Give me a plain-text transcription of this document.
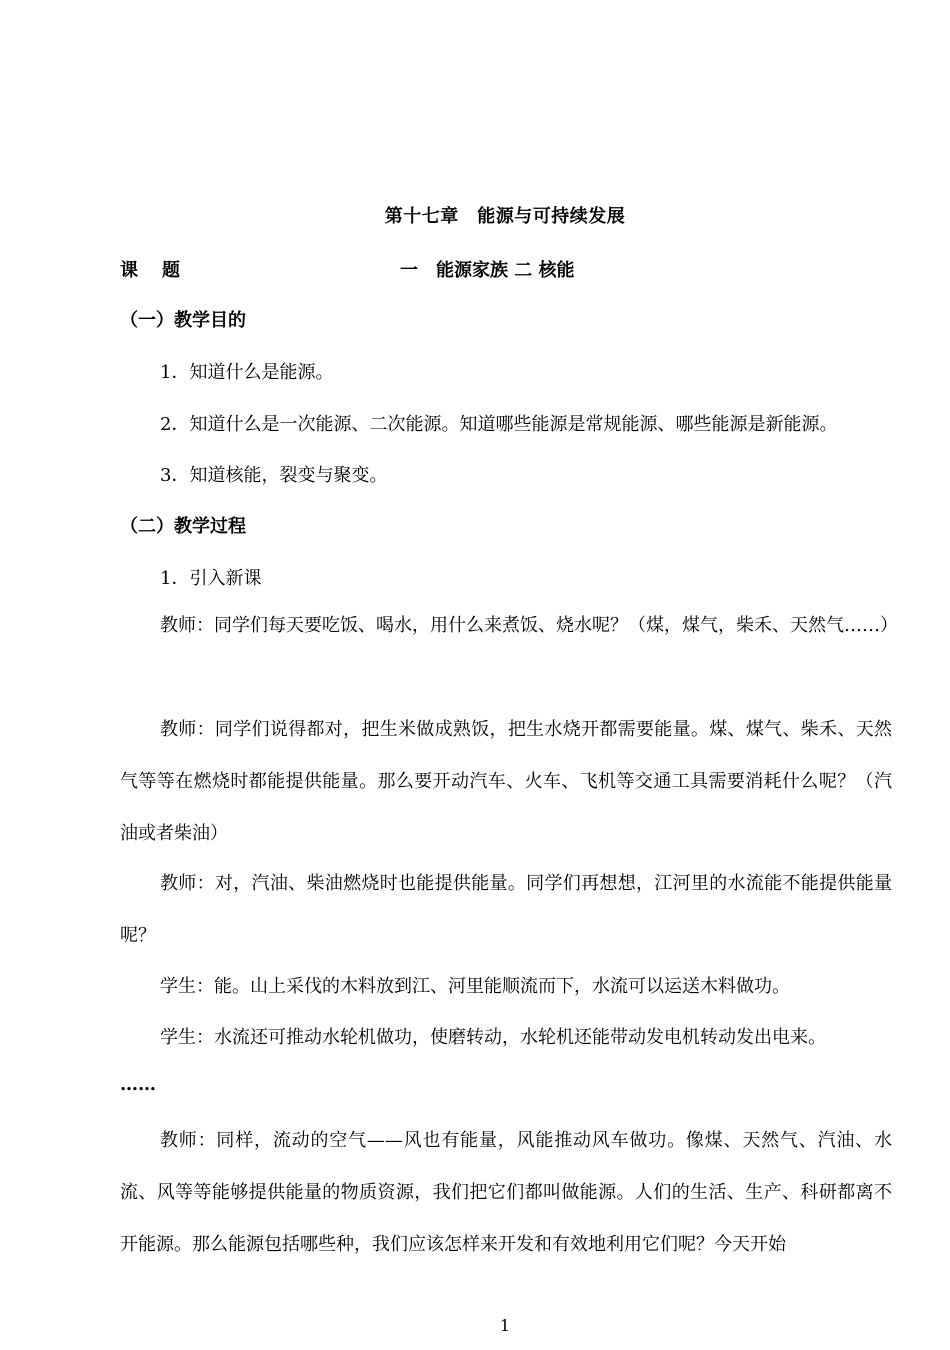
第十七章　能源与可持续发展
课题	一　能源家族 二 核能
（一）教学目的
1．知道什么是能源。
2．知道什么是一次能源、二次能源。知道哪些能源是常规能源、哪些能源是新能源。
3．知道核能，裂变与聚变。
（二）教学过程
1．引入新课
教师：同学们每天要吃饭、喝水，用什么来煮饭、烧水呢？（煤，煤气，柴禾、天然气……）
教师：同学们说得都对，把生米做成熟饭，把生水烧开都需要能量。煤、煤气、柴禾、天然气等等在燃烧时都能提供能量。那么要开动汽车、火车、飞机等交通工具需要消耗什么呢？（汽油或者柴油）
教师：对，汽油、柴油燃烧时也能提供能量。同学们再想想，江河里的水流能不能提供能量呢？
学生：能。山上采伐的木料放到江、河里能顺流而下，水流可以运送木料做功。
学生：水流还可推动水轮机做功，使磨转动，水轮机还能带动发电机转动发出电来。
……
教师：同样，流动的空气——风也有能量，风能推动风车做功。像煤、天然气、汽油、水流、风等等能够提供能量的物质资源，我们把它们都叫做能源。人们的生活、生产、科研都离不开能源。那么能源包括哪些种，我们应该怎样来开发和有效地利用它们呢？今天开始
1
